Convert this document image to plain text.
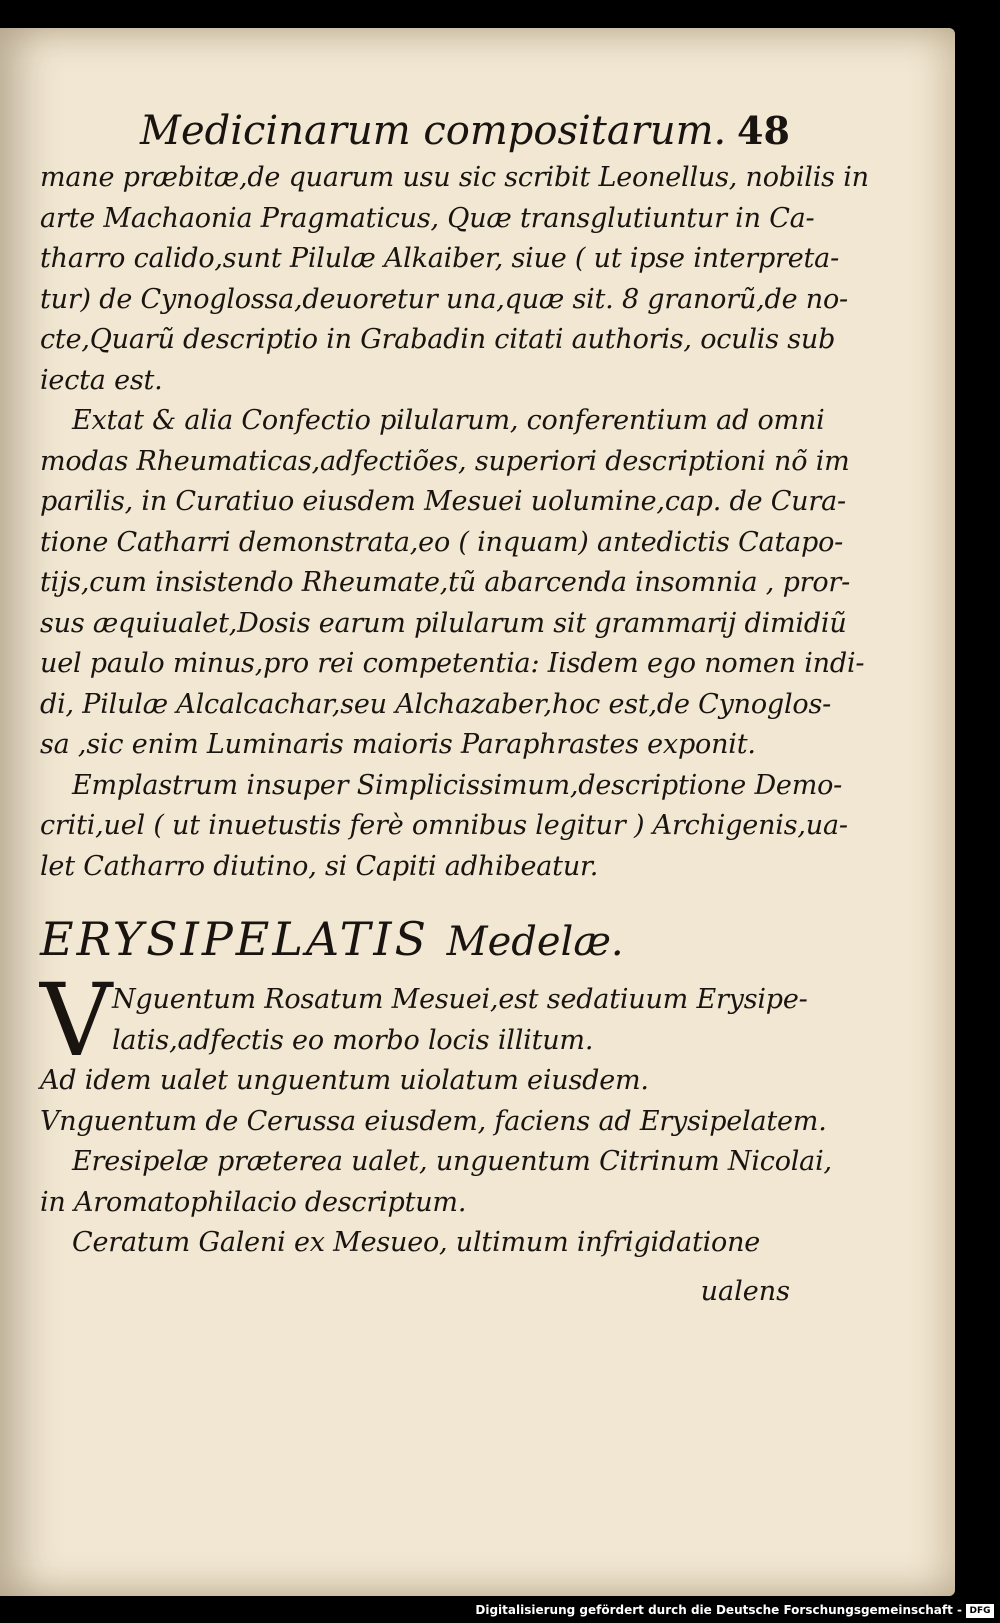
Medicinarum compositarum. 48
mane præbitæ,de quarum usu sic scribit Leonellus, nobilis in
arte Machaonia Pragmaticus, Quæ transglutiuntur in Ca-
tharro calido,sunt Pilulæ Alkaiber, siue ( ut ipse interpreta-
tur) de Cynoglossa,deuoretur una,quæ sit. 8 granorũ,de no-
cte,Quarũ descriptio in Grabadin citati authoris, oculis sub
iecta est.
Extat & alia Confectio pilularum, conferentium ad omni
modas Rheumaticas,adfectiões, superiori descriptioni nõ im
parilis, in Curatiuo eiusdem Mesuei uolumine,cap. de Cura-
tione Catharri demonstrata,eo ( inquam) antedictis Catapo-
tijs,cum insistendo Rheumate,tũ abarcenda insomnia , pror-
sus æquiualet,Dosis earum pilularum sit grammarij dimidiũ
uel paulo minus,pro rei competentia: Iisdem ego nomen indi-
di, Pilulæ Alcalcachar,seu Alchazaber,hoc est,de Cynoglos-
sa ,sic enim Luminaris maioris Paraphrastes exponit.
Emplastrum insuper Simplicissimum,descriptione Demo-
criti,uel ( ut inuetustis ferè omnibus legitur ) Archigenis,ua-
let Catharro diutino, si Capiti adhibeatur.
ERYSIPELATIS Medelæ.
V Nguentum Rosatum Mesuei,est sedatiuum Erysipe-
latis,adfectis eo morbo locis illitum.
Ad idem ualet unguentum uiolatum eiusdem.
Vnguentum de Cerussa eiusdem, faciens ad Erysipelatem.
Eresipelæ præterea ualet, unguentum Citrinum Nicolai,
in Aromatophilacio descriptum.
Ceratum Galeni ex Mesueo, ultimum infrigidatione
ualens
Digitalisierung gefördert durch die Deutsche Forschungsgemeinschaft - DFG
